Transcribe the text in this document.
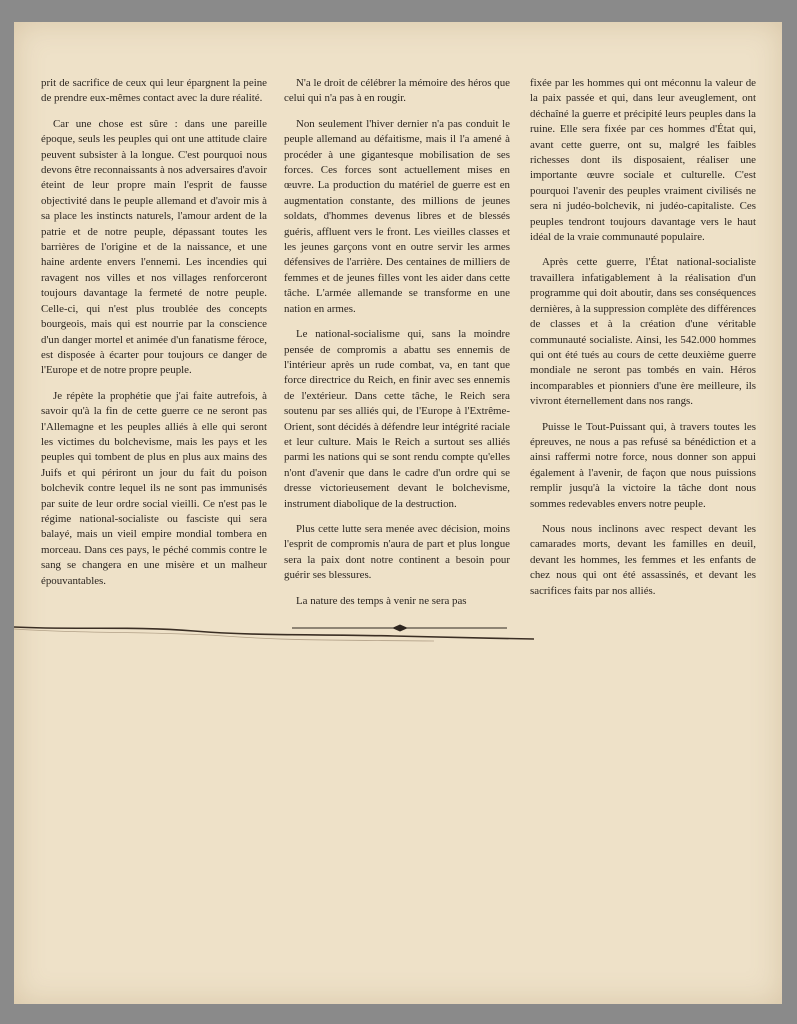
prit de sacrifice de ceux qui leur épargnent la peine de prendre eux-mêmes contact avec la dure réalité.

Car une chose est sûre : dans une pareille époque, seuls les peuples qui ont une attitude claire peuvent subsister à la longue. C'est pourquoi nous devons être reconnaissants à nos adversaires d'avoir éteint de leur propre main l'esprit de fausse objectivité dans le peuple allemand et d'avoir mis à sa place les instincts naturels, l'amour ardent de la patrie et de notre peuple, dépassant toutes les barrières de l'origine et de la naissance, et une haine ardente envers l'ennemi. Les incendies qui ravagent nos villes et nos villages renforceront toujours davantage la fermeté de notre peuple. Celle-ci, qui n'est plus troublée des concepts bourgeois, mais qui est nourrie par la conscience d'un danger mortel et animée d'un fanatisme féroce, est disposée à écarter pour toujours ce danger de l'Europe et de notre propre peuple.

Je répète la prophétie que j'ai faite autrefois, à savoir qu'à la fin de cette guerre ce ne seront pas l'Allemagne et les peuples alliés à elle qui seront les victimes du bolchevisme, mais les pays et les peuples qui tombent de plus en plus aux mains des Juifs et qui périront un jour du fait du poison bolchevik contre lequel ils ne sont pas immunisés par suite de leur ordre social vieilli. Ce n'est pas le régime national-socialiste ou fasciste qui sera balayé, mais un vieil empire mondial tombera en morceau. Dans ces pays, le péché commis contre le sang se changera en une misère et un malheur épouvantables.

N'a le droit de célébrer la mémoire des héros que celui qui n'a pas à en rougir.

Non seulement l'hiver dernier n'a pas conduit le peuple allemand au défaitisme, mais il l'a amené à procéder à une gigantesque mobilisation de ses forces. Ces forces sont actuellement mises en œuvre. La production du matériel de guerre est en augmentation constante, des millions de jeunes soldats, d'hommes devenus libres et de blessés guéris, affluent vers le front. Les vieilles classes et les jeunes garçons vont en outre servir les armes défensives de l'arrière. Des centaines de milliers de femmes et de jeunes filles vont les aider dans cette tâche. L'armée allemande se transforme en une nation en armes.

Le national-socialisme qui, sans la moindre pensée de compromis a abattu ses ennemis de l'intérieur après un rude combat, va, en tant que force directrice du Reich, en finir avec ses ennemis de l'extérieur. Dans cette tâche, le Reich sera soutenu par ses alliés qui, de l'Europe à l'Extrême-Orient, sont décidés à défendre leur intégrité raciale et leur culture. Mais le Reich a surtout ses alliés parmi les nations qui se sont rendu compte qu'elles n'ont d'avenir que dans le cadre d'un ordre qui se dresse victorieusement devant le bolchevisme, instrument diabolique de la destruction.

Plus cette lutte sera menée avec décision, moins l'esprit de compromis n'aura de part et plus longue sera la paix dont notre continent a besoin pour guérir ses blessures.

La nature des temps à venir ne sera pas

fixée par les hommes qui ont méconnu la valeur de la paix passée et qui, dans leur aveuglement, ont déchaîné la guerre et précipité leurs peuples dans la ruine. Elle sera fixée par ces hommes d'État qui, avant cette guerre, ont su, malgré les faibles richesses dont ils disposaient, réaliser une importante œuvre sociale et culturelle. C'est pourquoi l'avenir des peuples vraiment civilisés ne sera ni judéo-bolchevik, ni judéo-capitaliste. Ces peuples tendront toujours davantage vers le haut idéal de la vraie communauté populaire.

Après cette guerre, l'État national-socialiste travaillera infatigablement à la réalisation d'un programme qui doit aboutir, dans ses conséquences dernières, à la suppression complète des différences de classes et à la création d'une véritable communauté socialiste. Ainsi, les 542.000 hommes qui ont été tués au cours de cette deuxième guerre mondiale ne seront pas tombés en vain. Héros incomparables et pionniers d'une ère meilleure, ils vivront éternellement dans nos rangs.

Puisse le Tout-Puissant qui, à travers toutes les épreuves, ne nous a pas refusé sa bénédiction et a ainsi raffermi notre force, nous donner son appui également à l'avenir, de façon que nous puissions remplir jusqu'à la victoire la tâche dont nous sommes redevables envers notre peuple.

Nous nous inclinons avec respect devant les camarades morts, devant les familles en deuil, devant les hommes, les femmes et les enfants de chez nous qui ont été assassinés, et devant les sacrifices faits par nos alliés.
